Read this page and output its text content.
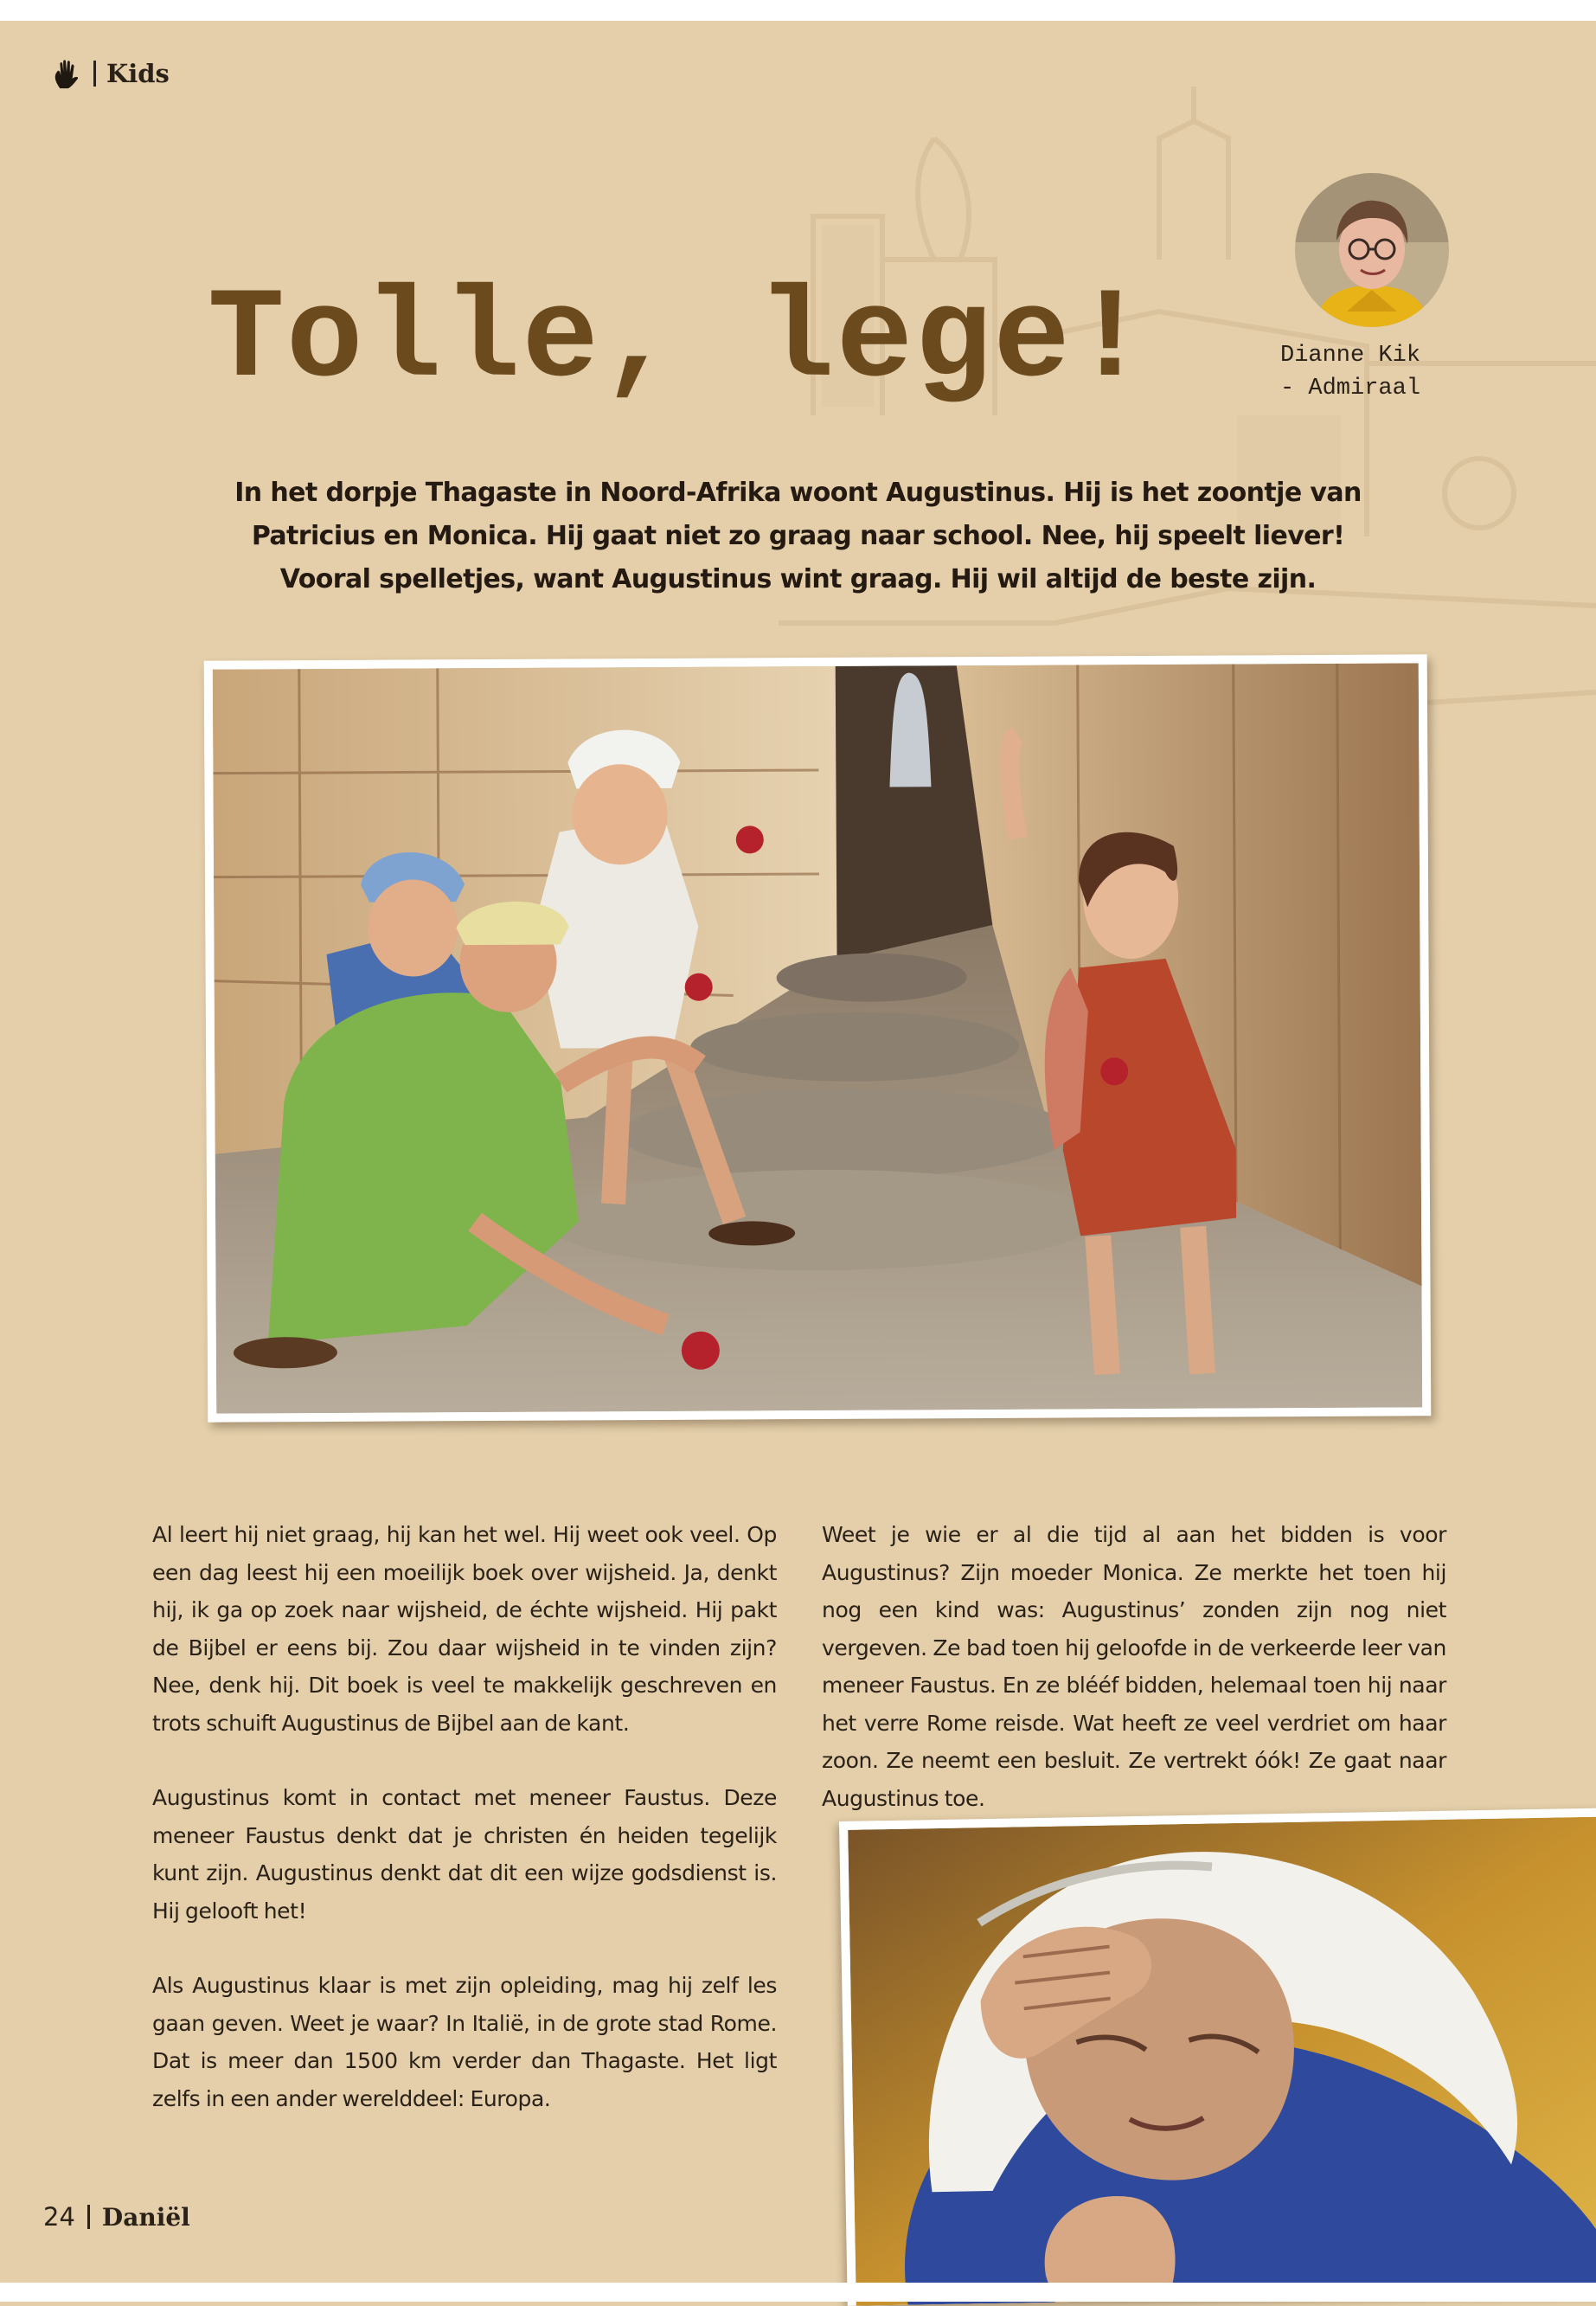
Kids
Tolle, lege!	Dianne Kik
- Admiraal

In het dorpje Thagaste in Noord-Afrika woont Augustinus. Hij is het zoontje van Patricius en Monica. Hij gaat niet zo graag naar school. Nee, hij speelt liever! Vooral spelletjes, want Augustinus wint graag. Hij wil altijd de beste zijn.

Al leert hij niet graag, hij kan het wel. Hij weet ook veel. Op een dag leest hij een moeilijk boek over wijsheid. Ja, denkt hij, ik ga op zoek naar wijsheid, de échte wijsheid. Hij pakt de Bijbel er eens bij. Zou daar wijsheid in te vinden zijn? Nee, denk hij. Dit boek is veel te makkelijk geschreven en trots schuift Augustinus de Bijbel aan de kant.

Augustinus komt in contact met meneer Faustus. Deze meneer Faustus denkt dat je christen én heiden tegelijk kunt zijn. Augustinus denkt dat dit een wijze godsdienst is. Hij gelooft het!

Als Augustinus klaar is met zijn opleiding, mag hij zelf les gaan geven. Weet je waar? In Italië, in de grote stad Rome. Dat is meer dan 1500 km verder dan Thagaste. Het ligt zelfs in een ander werelddeel: Europa.

Weet je wie er al die tijd al aan het bidden is voor Augustinus? Zijn moeder Monica. Ze merkte het toen hij nog een kind was: Augustinus’ zonden zijn nog niet vergeven. Ze bad toen hij geloofde in de verkeerde leer van meneer Faustus. En ze blééf bidden, helemaal toen hij naar het verre Rome reisde. Wat heeft ze veel verdriet om haar zoon. Ze neemt een besluit. Ze vertrekt óók! Ze gaat naar Augustinus toe.

24 Daniël
